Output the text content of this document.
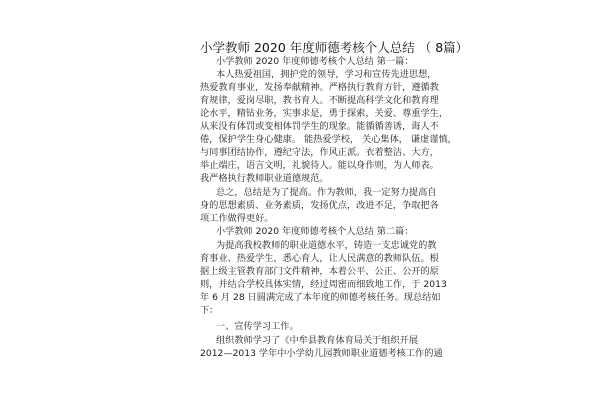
小学教师 2020 年度师德考核个人总结 （ 8篇）
小学教师 2020 年度师德考核个人总结 第一篇：
本人热爱祖国，拥护党的领导，学习和宣传先进思想，
热爱教育事业，发扬奉献精神。严格执行教育方针，遵循教
育规律，爱岗尽职，教书育人。不断提高科学文化和教育理
论水平，精钻业务，实事求是，勇于探索，关爱、尊重学生，
从来没有体罚或变相体罚学生的现象。能循循善诱，诲人不
倦，保护学生身心健康。 能热爱学校， 关心集体， 谦虚谨慎，
与同事团结协作，遵纪守法，作风正派。衣着整洁、大方，
举止端庄，语言文明，礼貌待人。能以身作则，为人师表。
我严格执行教师职业道德规范。
总之，总结是为了提高。作为教师，我一定努力提高自
身的思想素质、业务素质，发扬优点，改进不足，争取把各
项工作做得更好。
小学教师 2020 年度师德考核个人总结 第二篇：
为提高我校教师的职业道德水平，铸造一支忠诚党的教
育事业、热爱学生，悉心育人，让人民满意的教师队伍。根
据上级主管教育部门文件精神，本着公平、公正、公开的原
则，并结合学校具体实情，经过周密而细致地工作，于 2013
年 6 月 28 日圆满完成了本年度的师德考核任务。现总结如
下：
一、宣传学习工作。
组织教师学习了《中牟县教育体育局关于组织开展
2012—2013 学年中小学幼儿园教师职业道德考核工作的通
